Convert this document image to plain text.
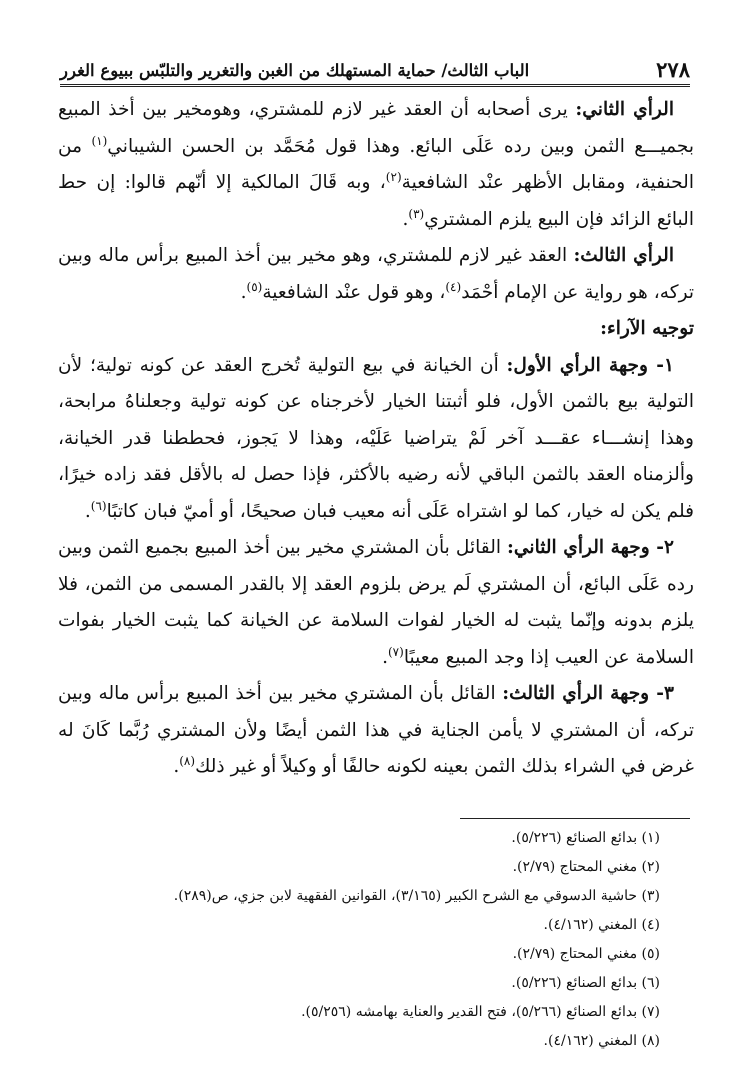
٢٧٨
الباب الثالث/ حماية المستهلك من الغبن والتغرير والتلبّس ببيوع الغرر

الرأي الثاني: يرى أصحابه أن العقد غير لازم للمشتري، وهومخير بين أخذ المبيع بجميـــع الثمن وبين رده عَلَى البائع. وهذا قول مُحَمَّد بن الحسن الشيباني$^{(١)}$ من الحنفية، ومقابل الأظهر عنْد الشافعية$^{(٢)}$، وبه قَالَ المالكية إلا أنّهم قالوا: إن حط البائع الزائد فإن البيع يلزم المشتري$^{(٣)}$.

الرأي الثالث: العقد غير لازم للمشتري، وهو مخير بين أخذ المبيع برأس ماله وبين تركه، هو رواية عن الإمام أحْمَد$^{(٤)}$، وهو قول عنْد الشافعية$^{(٥)}$.

توجيه الآراء:

١- وجهة الرأي الأول: أن الخيانة في بيع التولية تُخرج العقد عن كونه تولية؛ لأن التولية بيع بالثمن الأول، فلو أثبتنا الخيار لأخرجناه عن كونه تولية وجعلناهُ مرابحة، وهذا إنشـــاء عقـــد آخر لَمْ يتراضيا عَلَيْه، وهذا لا يَجوز، فحططنا قدر الخيانة، وألزمناه العقد بالثمن الباقي لأنه رضيه بالأكثر، فإذا حصل له بالأقل فقد زاده خيرًا، فلم يكن له خيار، كما لو اشتراه عَلَى أنه معيب فبان صحيحًا، أو أميّ فبان كاتبًا$^{(٦)}$.

٢- وجهة الرأي الثاني: القائل بأن المشتري مخير بين أخذ المبيع بجميع الثمن وبين رده عَلَى البائع، أن المشتري لَم يرض بلزوم العقد إلا بالقدر المسمى من الثمن، فلا يلزم بدونه وإنّما يثبت له الخيار لفوات السلامة عن الخيانة كما يثبت الخيار بفوات السلامة عن العيب إذا وجد المبيع معيبًا$^{(٧)}$.

٣- وجهة الرأي الثالث: القائل بأن المشتري مخير بين أخذ المبيع برأس ماله وبين تركه، أن المشتري لا يأمن الجناية في هذا الثمن أيضًا ولأن المشتري رُبَّما كَانَ له غرض في الشراء بذلك الثمن بعينه لكونه حالفًا أو وكيلاً أو غير ذلك$^{(٨)}$.

(١) بدائع الصنائع (٥/٢٢٦).

(٢) مغني المحتاج (٢/٧٩).

(٣) حاشية الدسوقي مع الشرح الكبير (٣/١٦٥)، القوانين الفقهية لابن جزي، ص(٢٨٩).

(٤) المغني (٤/١٦٢).

(٥) مغني المحتاج (٢/٧٩).

(٦) بدائع الصنائع (٥/٢٢٦).

(٧) بدائع الصنائع (٥/٢٦٦)، فتح القدير والعناية بهامشه (٥/٢٥٦).

(٨) المغني (٤/١٦٢).
